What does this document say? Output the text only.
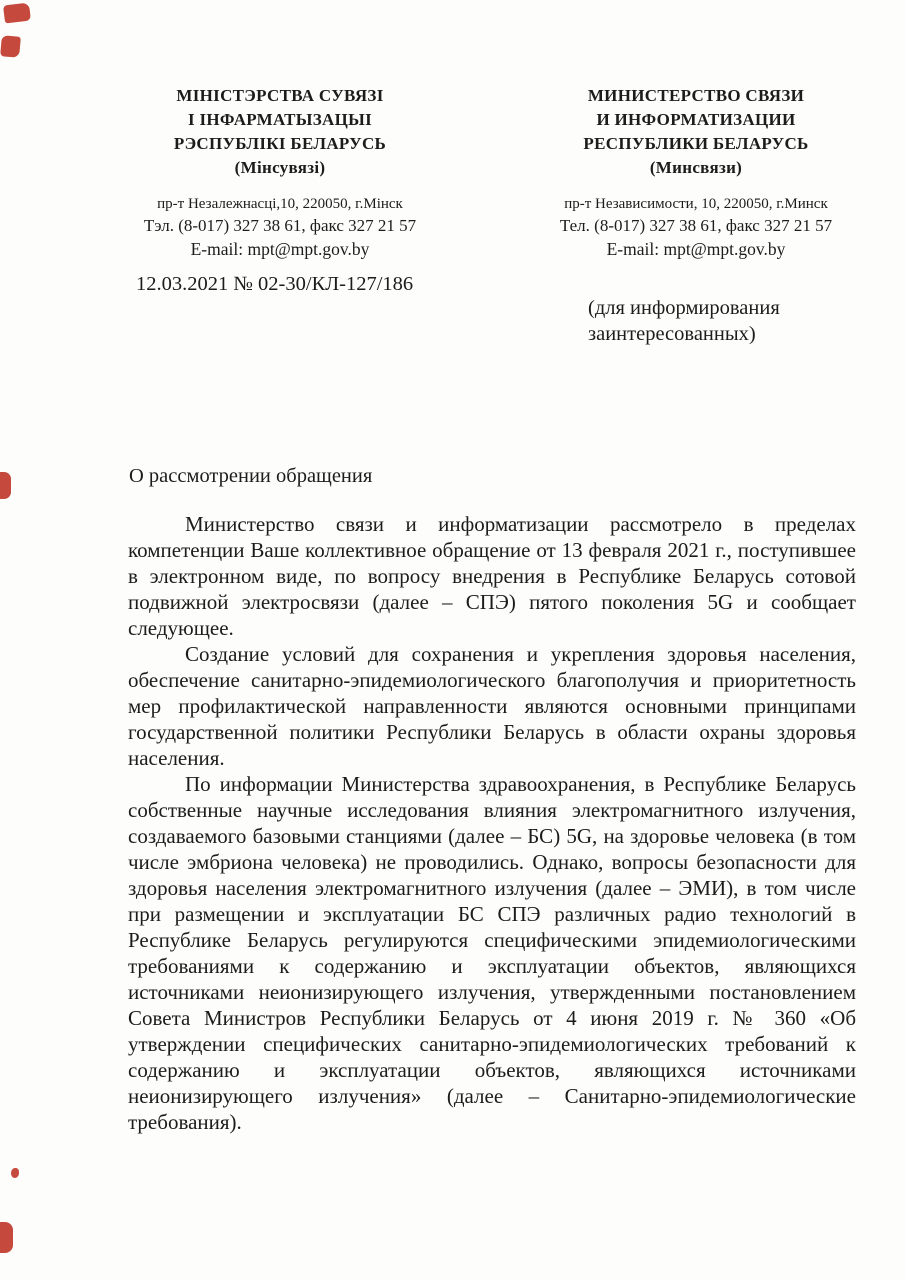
МІНІСТЭРСТВА СУВЯЗІ
І ІНФАРМАТЫЗАЦЫІ
РЭСПУБЛІКІ БЕЛАРУСЬ
(Мінсувязі)
пр-т Незалежнасці,10, 220050, г.Мінск
Тэл. (8-017) 327 38 61, факс 327 21 57
E-mail: mpt@mpt.gov.by
МИНИСТЕРСТВО СВЯЗИ
И ИНФОРМАТИЗАЦИИ
РЕСПУБЛИКИ БЕЛАРУСЬ
(Минсвязи)
пр-т Независимости, 10, 220050, г.Минск
Тел. (8-017) 327 38 61, факс 327 21 57
E-mail: mpt@mpt.gov.by
12.03.2021 № 02-30/КЛ-127/186
(для информирования заинтересованных)
О рассмотрении обращения

Министерство связи и информатизации рассмотрело в пределах компетенции Ваше коллективное обращение от 13 февраля 2021 г., поступившее в электронном виде, по вопросу внедрения в Республике Беларусь сотовой подвижной электросвязи (далее – СПЭ) пятого поколения 5G и сообщает следующее.

Создание условий для сохранения и укрепления здоровья населения, обеспечение санитарно-эпидемиологического благополучия и приоритетность мер профилактической направленности являются основными принципами государственной политики Республики Беларусь в области охраны здоровья населения.

По информации Министерства здравоохранения, в Республике Беларусь собственные научные исследования влияния электромагнитного излучения, создаваемого базовыми станциями (далее – БС) 5G, на здоровье человека (в том числе эмбриона человека) не проводились. Однако, вопросы безопасности для здоровья населения электромагнитного излучения (далее – ЭМИ), в том числе при размещении и эксплуатации БС СПЭ различных радио технологий в Республике Беларусь регулируются специфическими эпидемиологическими требованиями к содержанию и эксплуатации объектов, являющихся источниками неионизирующего излучения, утвержденными постановлением Совета Министров Республики Беларусь от 4 июня 2019 г. № 360 «Об утверждении специфических санитарно-эпидемиологических требований к содержанию и эксплуатации объектов, являющихся источниками неионизирующего излучения» (далее – Санитарно-эпидемиологические требования).
